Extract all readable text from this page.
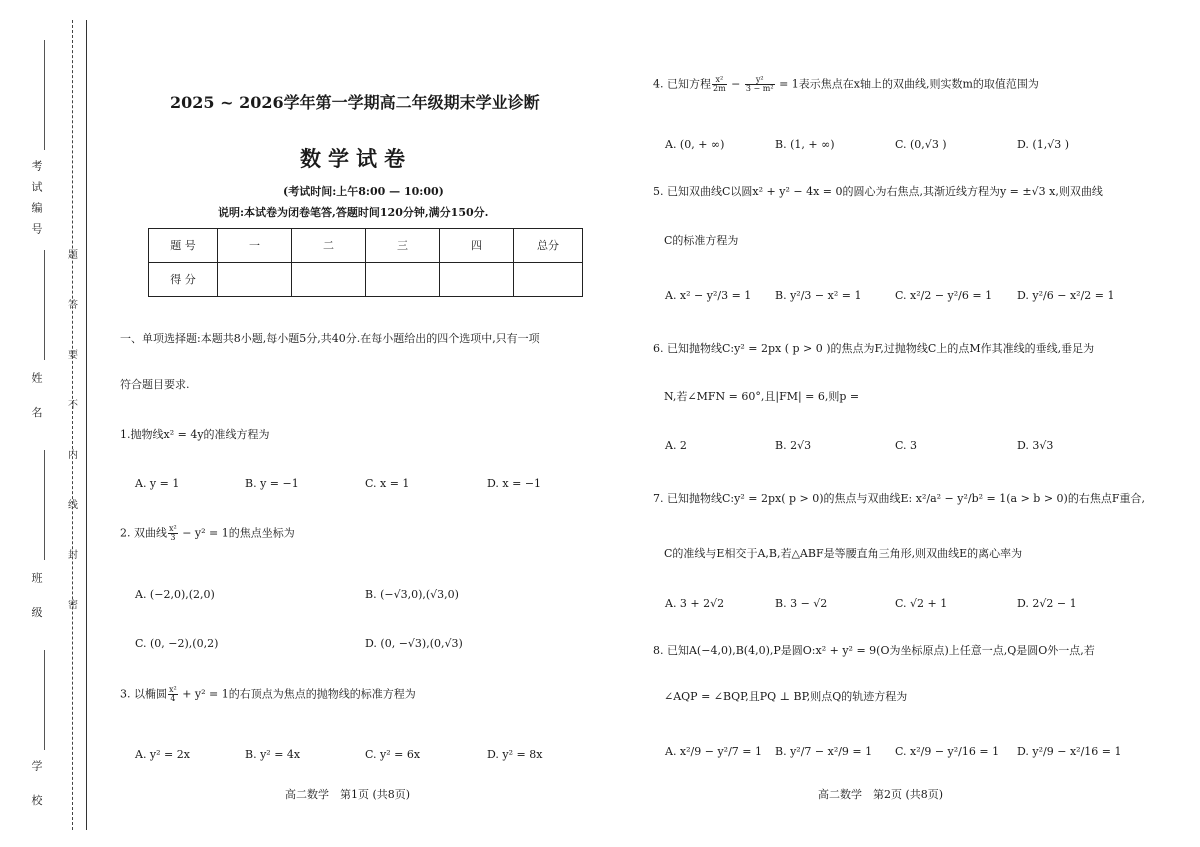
考试编号
姓 名
班 级
学 校
题
答
要
不
内
线
封
密
2025 ~ 2026学年第一学期高二年级期末学业诊断
数学试卷
(考试时间:上午8:00 — 10:00)
说明:本试卷为闭卷笔答,答题时间120分钟,满分150分.
题 号	一	二	三	四	总分
得 分					
一、单项选择题:本题共8小题,每小题5分,共40分.在每小题给出的四个选项中,只有一项
符合题目要求.
1.抛物线x² = 4y的准线方程为
A. y = 1	B. y = −1	C. x = 1	D. x = −1
2. 双曲线 $\frac{\text{x²}}{3} - y^2 = 1$的焦点坐标为
A. (−2,0),(2,0)	B. (−√3,0),(√3,0)
C. (0, −2),(0,2)	D. (0, −√3),(0,√3)
3. 以椭圆 $\frac{\text{x²}}{4} + y^2 = 1$的右顶点为焦点的抛物线的标准方程为
A. y² = 2x	B. y² = 4x	C. y² = 6x	D. y² = 8x
高二数学　第1页 (共8页)
4. 已知方程 $\frac{\text{x²}}{2m} - \frac{\text{y²}}{\text{3 − m²}} = 1$表示焦点在x轴上的双曲线,则实数m的取值范围为
A. (0, + ∞)	B. (1, + ∞)	C. (0,√3 )	D. (1,√3 )
5. 已知双曲线C以圆x² + y² − 4x = 0的圆心为右焦点,其渐近线方程为y = ±√3 x,则双曲线
C的标准方程为
A. x² − y²/3 = 1 B. y²/3 − x² = 1	C. x²/2 − y²/6 = 1 D. y²/6 − x²/2 = 1
6. 已知抛物线C:y² = 2px ( p > 0 )的焦点为F,过抛物线C上的点M作其准线的垂线,垂足为
N,若∠MFN = 60°,且|FM| = 6,则p =
A. 2	B. 2√3	C. 3	D. 3√3
7. 已知抛物线C:y² = 2px( p > 0)的焦点与双曲线E: x²/a² − y²/b² = 1(a > b > 0)的右焦点F重合,
C的准线与E相交于A,B,若△ABF是等腰直角三角形,则双曲线E的离心率为
A. 3 + 2√2	B. 3 − √2	C. √2 + 1	D. 2√2 − 1
8. 已知A(−4,0),B(4,0),P是圆O:x² + y² = 9(O为坐标原点)上任意一点,Q是圆O外一点,若
∠AQP = ∠BQP,且PQ ⊥ BP,则点Q的轨迹方程为
A. x²/9 − y²/7 = 1 B. y²/7 − x²/9 = 1 C. x²/9 − y²/16 = 1 D. y²/9 − x²/16 = 1
高二数学　第2页 (共8页)
